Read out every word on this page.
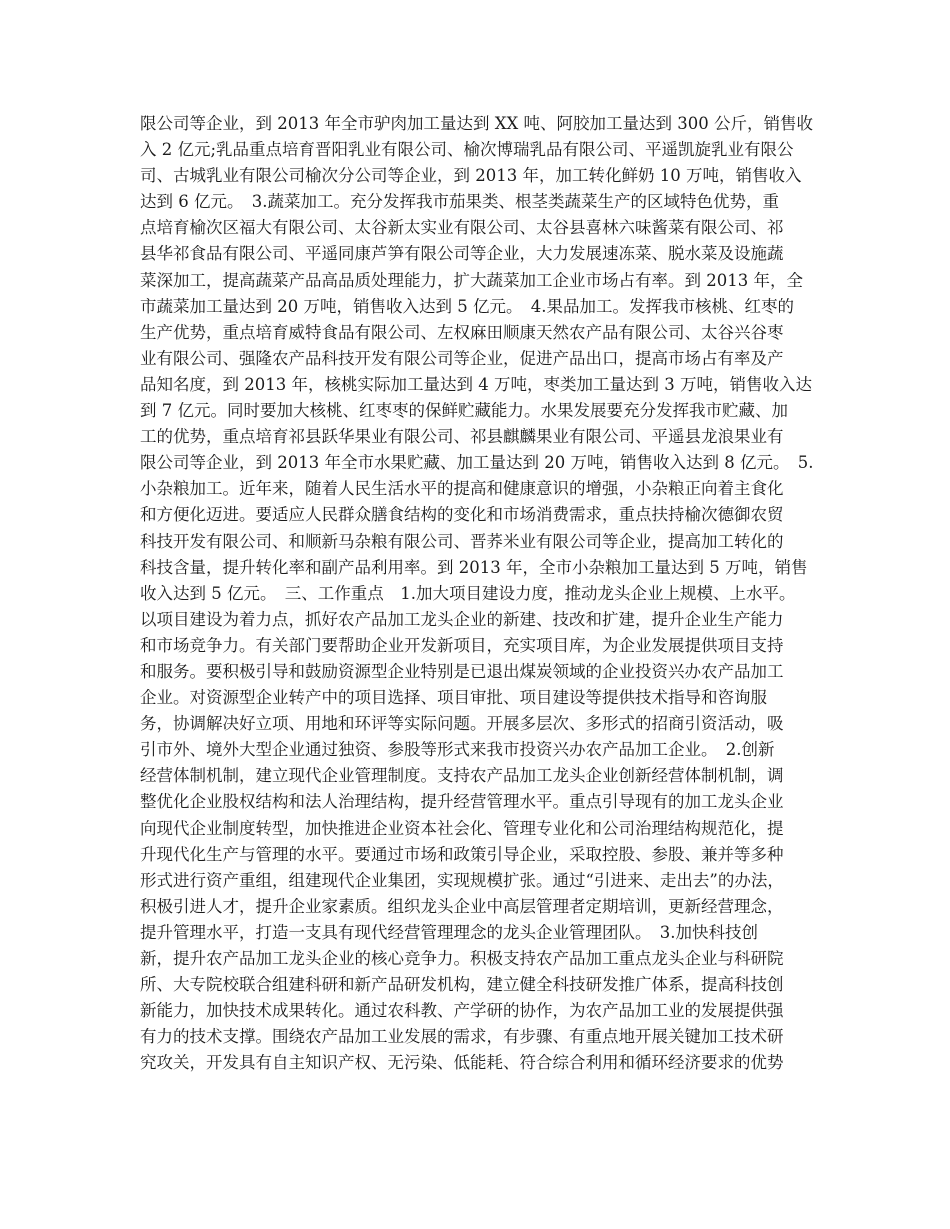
限公司等企业，到 2013 年全市驴肉加工量达到 XX 吨、阿胶加工量达到 300 公斤，销售收
入 2 亿元;乳品重点培育晋阳乳业有限公司、榆次博瑞乳品有限公司、平遥凯旋乳业有限公
司、古城乳业有限公司榆次分公司等企业，到 2013 年，加工转化鲜奶 10 万吨，销售收入
达到 6 亿元。　3.蔬菜加工。充分发挥我市茄果类、根茎类蔬菜生产的区域特色优势，重
点培育榆次区福大有限公司、太谷新太实业有限公司、太谷县喜林六味酱菜有限公司、祁
县华祁食品有限公司、平遥同康芦笋有限公司等企业，大力发展速冻菜、脱水菜及设施蔬
菜深加工，提高蔬菜产品高品质处理能力，扩大蔬菜加工企业市场占有率。到 2013 年，全
市蔬菜加工量达到 20 万吨，销售收入达到 5 亿元。　4.果品加工。发挥我市核桃、红枣的
生产优势，重点培育威特食品有限公司、左权麻田顺康天然农产品有限公司、太谷兴谷枣
业有限公司、强隆农产品科技开发有限公司等企业，促进产品出口，提高市场占有率及产
品知名度，到 2013 年，核桃实际加工量达到 4 万吨，枣类加工量达到 3 万吨，销售收入达
到 7 亿元。同时要加大核桃、红枣枣的保鲜贮藏能力。水果发展要充分发挥我市贮藏、加
工的优势，重点培育祁县跃华果业有限公司、祁县麒麟果业有限公司、平遥县龙浪果业有
限公司等企业，到 2013 年全市水果贮藏、加工量达到 20 万吨，销售收入达到 8 亿元。　5.
小杂粮加工。近年来，随着人民生活水平的提高和健康意识的增强，小杂粮正向着主食化
和方便化迈进。要适应人民群众膳食结构的变化和市场消费需求，重点扶持榆次德御农贸
科技开发有限公司、和顺新马杂粮有限公司、晋荞米业有限公司等企业，提高加工转化的
科技含量，提升转化率和副产品利用率。到 2013 年，全市小杂粮加工量达到 5 万吨，销售
收入达到 5 亿元。　三、工作重点　1.加大项目建设力度，推动龙头企业上规模、上水平。
以项目建设为着力点，抓好农产品加工龙头企业的新建、技改和扩建，提升企业生产能力
和市场竞争力。有关部门要帮助企业开发新项目，充实项目库，为企业发展提供项目支持
和服务。要积极引导和鼓励资源型企业特别是已退出煤炭领域的企业投资兴办农产品加工
企业。对资源型企业转产中的项目选择、项目审批、项目建设等提供技术指导和咨询服
务，协调解决好立项、用地和环评等实际问题。开展多层次、多形式的招商引资活动，吸
引市外、境外大型企业通过独资、参股等形式来我市投资兴办农产品加工企业。　2.创新
经营体制机制，建立现代企业管理制度。支持农产品加工龙头企业创新经营体制机制，调
整优化企业股权结构和法人治理结构，提升经营管理水平。重点引导现有的加工龙头企业
向现代企业制度转型，加快推进企业资本社会化、管理专业化和公司治理结构规范化，提
升现代化生产与管理的水平。要通过市场和政策引导企业，采取控股、参股、兼并等多种
形式进行资产重组，组建现代企业集团，实现规模扩张。通过“引进来、走出去”的办法，
积极引进人才，提升企业家素质。组织龙头企业中高层管理者定期培训，更新经营理念，
提升管理水平，打造一支具有现代经营管理理念的龙头企业管理团队。　3.加快科技创
新，提升农产品加工龙头企业的核心竞争力。积极支持农产品加工重点龙头企业与科研院
所、大专院校联合组建科研和新产品研发机构，建立健全科技研发推广体系，提高科技创
新能力，加快技术成果转化。通过农科教、产学研的协作，为农产品加工业的发展提供强
有力的技术支撑。围绕农产品加工业发展的需求，有步骤、有重点地开展关键加工技术研
究攻关，开发具有自主知识产权、无污染、低能耗、符合综合利用和循环经济要求的优势
